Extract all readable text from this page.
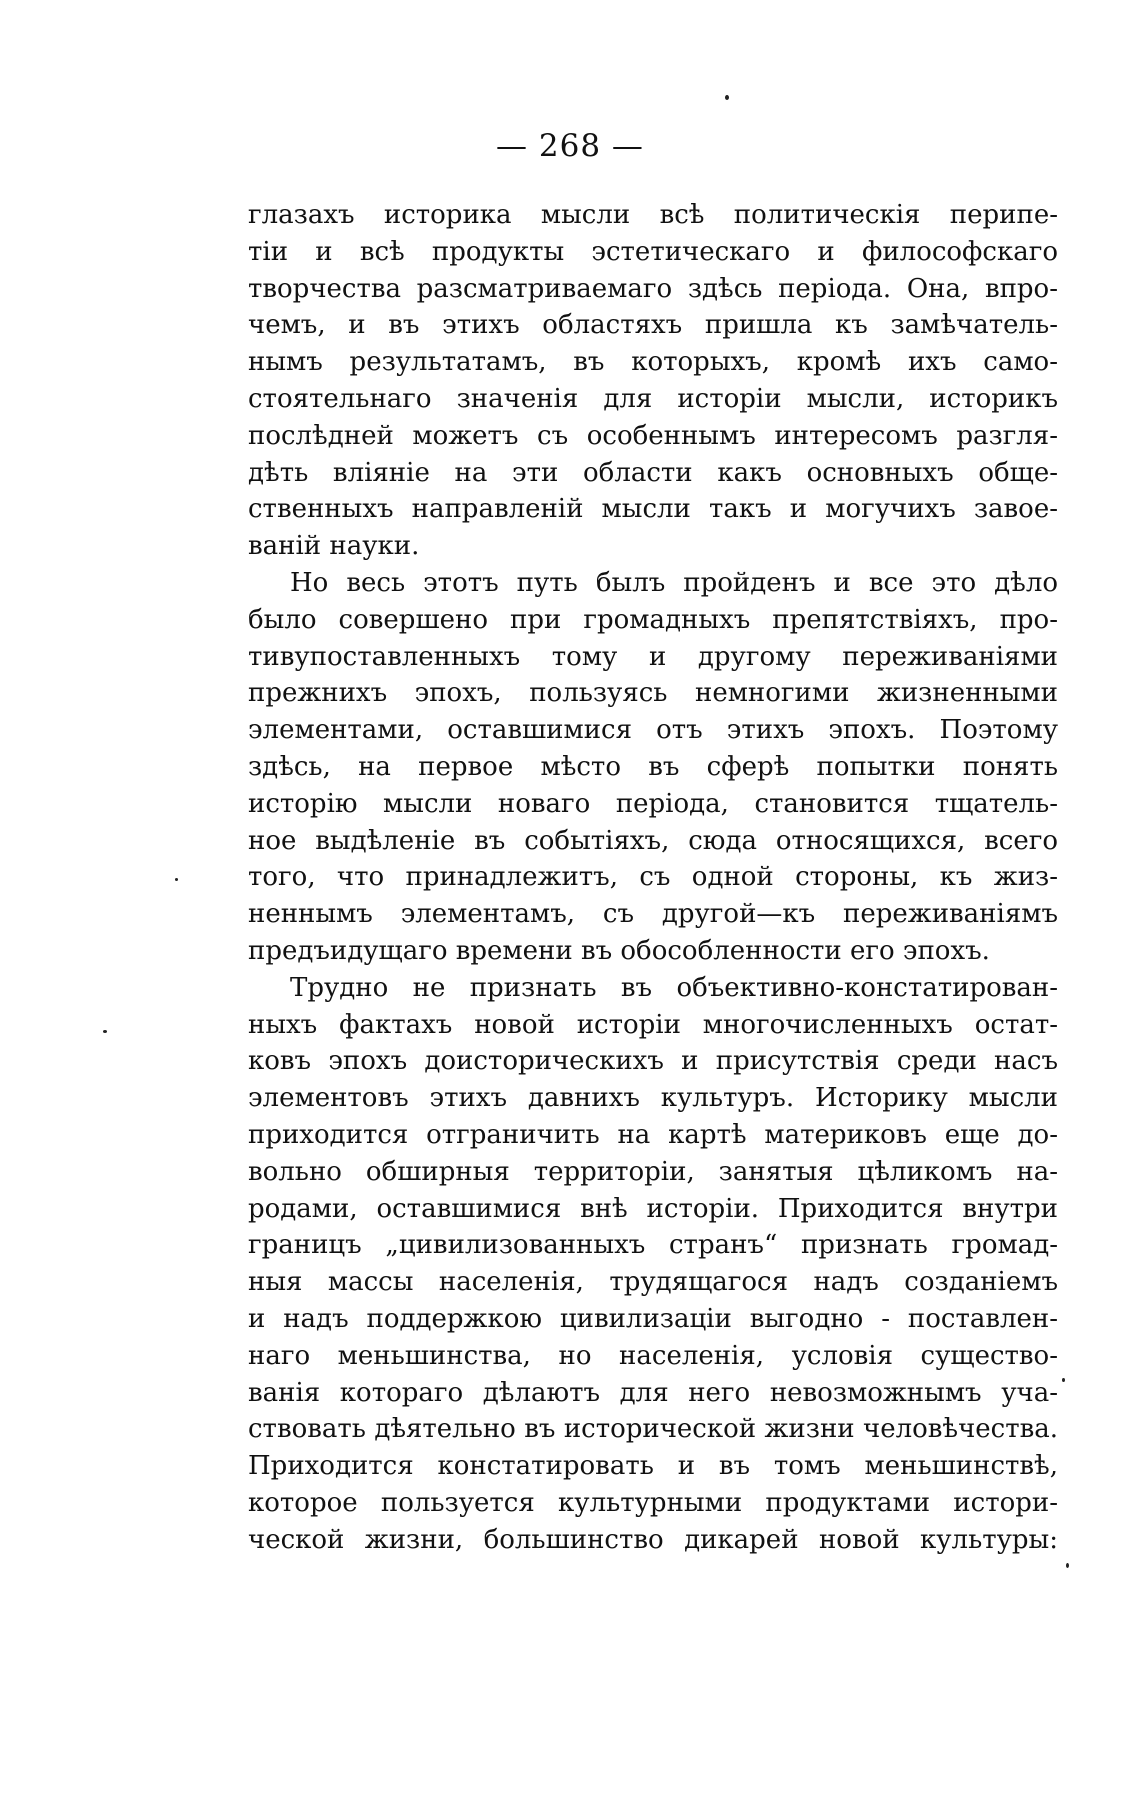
— 268 —
глазахъ историка мысли всѣ политическія перипе-
тіи и всѣ продукты эстетическаго и философскаго
творчества разсматриваемаго здѣсь періода. Она, впро-
чемъ, и въ этихъ областяхъ пришла къ замѣчатель-
нымъ результатамъ, въ которыхъ, кромѣ ихъ само-
стоятельнаго значенія для исторіи мысли, историкъ
послѣдней можетъ съ особеннымъ интересомъ разгля-
дѣть вліяніе на эти области какъ основныхъ обще-
ственныхъ направленій мысли такъ и могучихъ завое-
ваній науки.
Но весь этотъ путь былъ пройденъ и все это дѣло
было совершено при громадныхъ препятствіяхъ, про-
тивупоставленныхъ тому и другому переживаніями
прежнихъ эпохъ, пользуясь немногими жизненными
элементами, оставшимися отъ этихъ эпохъ. Поэтому
здѣсь, на первое мѣсто въ сферѣ попытки понять
исторію мысли новаго періода, становится тщатель-
ное выдѣленіе въ событіяхъ, сюда относящихся, всего
того, что принадлежитъ, съ одной стороны, къ жиз-
неннымъ элементамъ, съ другой—къ переживаніямъ
предъидущаго времени въ обособленности его эпохъ.
Трудно не признать въ объективно-констатирован-
ныхъ фактахъ новой исторіи многочисленныхъ остат-
ковъ эпохъ доисторическихъ и присутствія среди насъ
элементовъ этихъ давнихъ культуръ. Историку мысли
приходится отграничить на картѣ материковъ еще до-
вольно обширныя территоріи, занятыя цѣликомъ на-
родами, оставшимися внѣ исторіи. Приходится внутри
границъ „цивилизованныхъ странъ“ признать громад-
ныя массы населенія, трудящагося надъ созданіемъ
и надъ поддержкою цивилизаціи выгодно - поставлен-
наго меньшинства, но населенія, условія существо-
ванія котораго дѣлаютъ для него невозможнымъ уча-
ствовать дѣятельно въ исторической жизни человѣчества.
Приходится констатировать и въ томъ меньшинствѣ,
которое пользуется культурными продуктами истори-
ческой жизни, большинство дикарей новой культуры:
